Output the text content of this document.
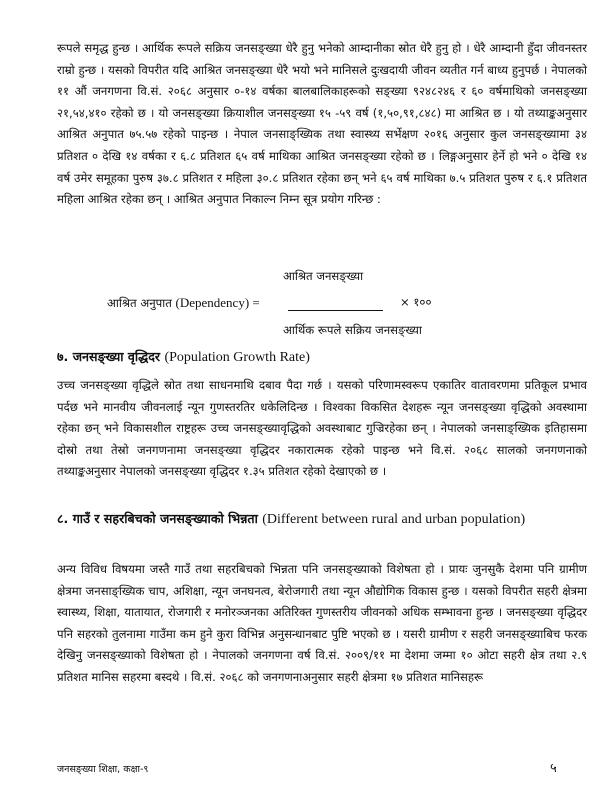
रूपले समृद्ध हुन्छ । आर्थिक रूपले सक्रिय जनसङ्ख्या धेरै हुनु भनेको आम्दानीका स्रोत धेरै हुनु हो । धेरै आम्दानी हुँदा जीवनस्तर राम्रो हुन्छ । यसको विपरीत यदि आश्रित जनसङ्ख्या धेरै भयो भने मानिसले दुःखदायी जीवन व्यतीत गर्न बाध्य हुनुपर्छ । नेपालको ११ औं जनगणना वि.सं. २०६८ अनुसार ०-१४ वर्षका बालबालिकाहरूको सङ्ख्या ९२४८२४६ र ६० वर्षमाथिको जनसङ्ख्या २१,५४,४१० रहेको छ । यो जनसङ्ख्या क्रियाशील जनसङ्ख्या १५ -५९ वर्ष (१,५०,९१,८४८) मा आश्रित छ । यो तथ्याङ्कअनुसार आश्रित अनुपात ७५.५७ रहेको पाइन्छ । नेपाल जनसाङ्ख्यिक तथा स्वास्थ्य सर्भेक्षण २०१६ अनुसार कुल जनसङ्ख्यामा ३४ प्रतिशत ० देखि १४ वर्षका र ६.८ प्रतिशत ६५ वर्ष माथिका आश्रित जनसङ्ख्या रहेको छ । लिङ्गअनुसार हेर्ने हो भने ० देखि १४ वर्ष उमेर समूहका पुरुष ३७.८ प्रतिशत र महिला ३०.८ प्रतिशत रहेका छन् भने ६५ वर्ष माथिका ७.५ प्रतिशत पुरुष र ६.१ प्रतिशत महिला आश्रित रहेका छन् । आश्रित अनुपात निकाल्न निम्न सूत्र प्रयोग गरिन्छ :

आश्रित जनसङ्ख्या
आश्रित अनुपात (Dependency) =	× १००
आर्थिक रूपले सक्रिय जनसङ्ख्या
७. जनसङ्ख्या वृद्धिदर (Population Growth Rate)

उच्च जनसङ्ख्या वृद्धिले स्रोत तथा साधनमाथि दबाव पैदा गर्छ । यसको परिणामस्वरूप एकातिर वातावरणमा प्रतिकूल प्रभाव पर्दछ भने मानवीय जीवनलाई न्यून गुणस्तरतिर धकेलिदिन्छ । विश्वका विकसित देशहरू न्यून जनसङ्ख्या वृद्धिको अवस्थामा रहेका छन् भने विकासशील राष्ट्रहरू उच्च जनसङ्ख्यावृद्धिको अवस्थाबाट गुज्रिरहेका छन् । नेपालको जनसाङ्ख्यिक इतिहासमा दोस्रो तथा तेस्रो जनगणनामा जनसङ्ख्या वृद्धिदर नकारात्मक रहेको पाइन्छ भने वि.सं. २०६८ सालको जनगणनाको तथ्याङ्कअनुसार नेपालको जनसङ्ख्या वृद्धिदर १.३५ प्रतिशत रहेको देखाएको छ ।

८. गाउँ र सहरबिचको जनसङ्ख्याको भिन्नता (Different between rural and urban population)

अन्य विविध विषयमा जस्तै गाउँ तथा सहरबिचको भिन्नता पनि जनसङ्ख्याको विशेषता हो । प्रायः जुनसुकै देशमा पनि ग्रामीण क्षेत्रमा जनसाङ्ख्यिक चाप, अशिक्षा, न्यून जनघनत्व, बेरोजगारी तथा न्यून औद्योगिक विकास हुन्छ । यसको विपरीत सहरी क्षेत्रमा स्वास्थ्य, शिक्षा, यातायात, रोजगारी र मनोरञ्जनका अतिरिक्त गुणस्तरीय जीवनको अधिक सम्भावना हुन्छ । जनसङ्ख्या वृद्धिदर पनि सहरको तुलनामा गाउँमा कम हुने कुरा विभिन्न अनुसन्धानबाट पुष्टि भएको छ । यसरी ग्रामीण र सहरी जनसङ्ख्याबिच फरक देखिनु जनसङ्ख्याको विशेषता हो । नेपालको जनगणना वर्ष वि.सं. २००९/११ मा देशमा जम्मा १० ओटा सहरी क्षेत्र तथा २.९ प्रतिशत मानिस सहरमा बस्दथे । वि.सं. २०६८ को जनगणनाअनुसार सहरी क्षेत्रमा १७ प्रतिशत मानिसहरू

जनसङ्ख्या शिक्षा, कक्षा-९	५
